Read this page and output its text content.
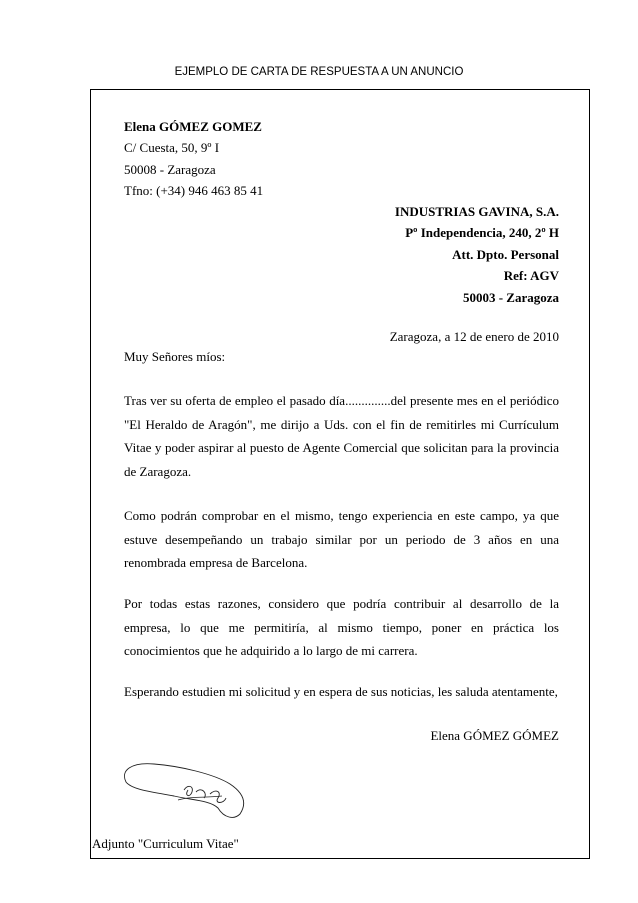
EJEMPLO DE CARTA DE RESPUESTA A UN ANUNCIO
Elena GÓMEZ GOMEZ
C/ Cuesta, 50, 9º I
50008 - Zaragoza
Tfno: (+34) 946 463 85 41
INDUSTRIAS GAVINA, S.A.
Pº Independencia, 240, 2º H
Att. Dpto. Personal
Ref: AGV
50003 - Zaragoza
Zaragoza, a 12 de enero de 2010
Muy Señores míos:

Tras ver su oferta de empleo el pasado día..............del presente mes en el periódico "El Heraldo de Aragón", me dirijo a Uds. con el fin de remitirles mi Currículum Vitae y poder aspirar al puesto de Agente Comercial que solicitan para la provincia de Zaragoza.

Como podrán comprobar en el mismo, tengo experiencia en este campo, ya que estuve desempeñando un trabajo similar por un periodo de 3 años en una renombrada empresa de Barcelona.

Por todas estas razones, considero que podría contribuir al desarrollo de la empresa, lo que me permitiría, al mismo tiempo, poner en práctica los conocimientos que he adquirido a lo largo de mi carrera.

Esperando estudien mi solicitud y en espera de sus noticias, les saluda atentamente,
Elena GÓMEZ GÓMEZ
Adjunto "Curriculum Vitae"
